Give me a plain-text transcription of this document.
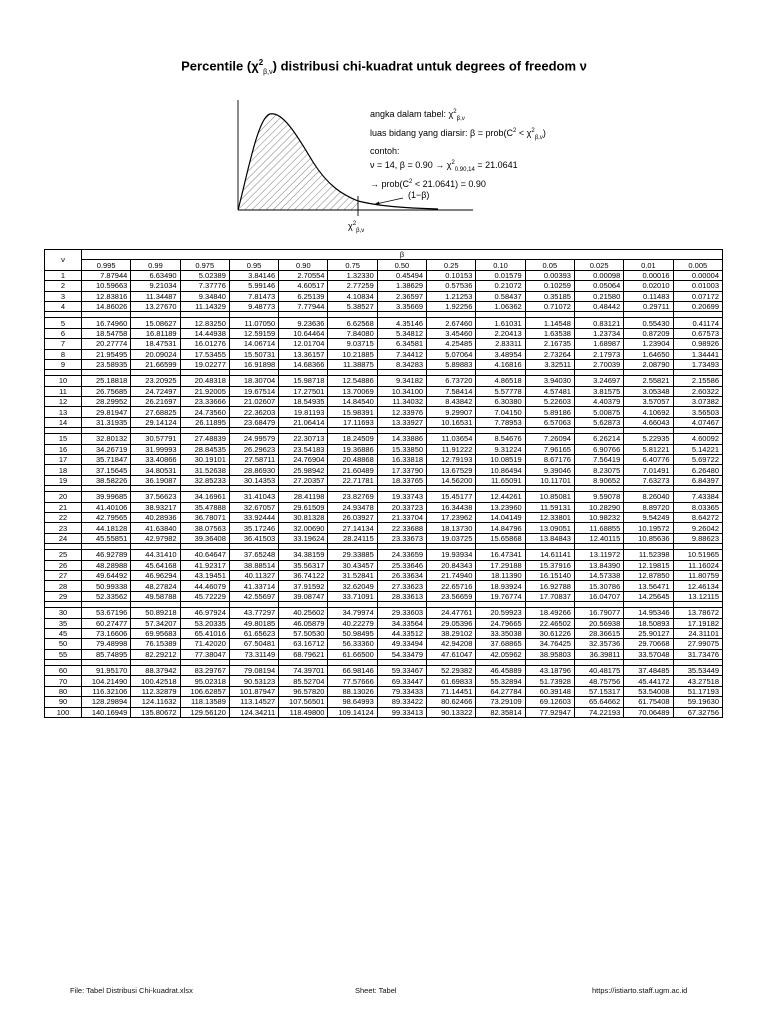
Percentile $(\chi^2_{\beta,\nu})$ distribusi chi-kuadrat untuk degrees of freedom ν
angka dalam tabel: $\chi^2_{\beta,\nu}$
luas bidang yang diarsir: $\beta = prob(C^2 < \chi^2_{\beta,\nu})$
contoh:
ν = 14, $\beta = 0.90 \to \chi^2_{0.90,14} = 21.0641$
→ $prob(C^2 < 21.0641) = 0.90$
(1−β)
$\chi^2_{\beta,\nu}$
ν	β												
	0.995	0.99	0.975	0.95	0.90	0.75	0.50	0.25	0.10	0.05	0.025	0.01	0.005
1	7.87944	6.63490	5.02389	3.84146	2.70554	1.32330	0.45494	0.10153	0.01579	0.00393	0.00098	0.00016	0.00004
2	10.59663	9.21034	7.37776	5.99146	4.60517	2.77259	1.38629	0.57536	0.21072	0.10259	0.05064	0.02010	0.01003
3	12.83816	11.34487	9.34840	7.81473	6.25139	4.10834	2.36597	1.21253	0.58437	0.35185	0.21580	0.11483	0.07172
4	14.86026	13.27670	11.14329	9.48773	7.77944	5.38527	3.35669	1.92256	1.06362	0.71072	0.48442	0.29711	0.20699

5	16.74960	15.08627	12.83250	11.07050	9.23636	6.62568	4.35146	2.67460	1.61031	1.14548	0.83121	0.55430	0.41174
6	18.54758	16.81189	14.44938	12.59159	10.64464	7.84080	5.34812	3.45460	2.20413	1.63538	1.23734	0.87209	0.67573
7	20.27774	18.47531	16.01276	14.06714	12.01704	9.03715	6.34581	4.25485	2.83311	2.16735	1.68987	1.23904	0.98926
8	21.95495	20.09024	17.53455	15.50731	13.36157	10.21885	7.34412	5.07064	3.48954	2.73264	2.17973	1.64650	1.34441
9	23.58935	21.66599	19.02277	16.91898	14.68366	11.38875	8.34283	5.89883	4.16816	3.32511	2.70039	2.08790	1.73493

10	25.18818	23.20925	20.48318	18.30704	15.98718	12.54886	9.34182	6.73720	4.86518	3.94030	3.24697	2.55821	2.15586
11	26.75685	24.72497	21.92005	19.67514	17.27501	13.70069	10.34100	7.58414	5.57778	4.57481	3.81575	3.05348	2.60322
12	28.29952	26.21697	23.33666	21.02607	18.54935	14.84540	11.34032	8.43842	6.30380	5.22603	4.40379	3.57057	3.07382
13	29.81947	27.68825	24.73560	22.36203	19.81193	15.98391	12.33976	9.29907	7.04150	5.89186	5.00875	4.10692	3.56503
14	31.31935	29.14124	26.11895	23.68479	21.06414	17.11693	13.33927	10.16531	7.78953	6.57063	5.62873	4.66043	4.07467

15	32.80132	30.57791	27.48839	24.99579	22.30713	18.24509	14.33886	11.03654	8.54676	7.26094	6.26214	5.22935	4.60092
16	34.26719	31.99993	28.84535	26.29623	23.54183	19.36886	15.33850	11.91222	9.31224	7.96165	6.90766	5.81221	5.14221
17	35.71847	33.40866	30.19101	27.58711	24.76904	20.48868	16.33818	12.79193	10.08519	8.67176	7.56419	6.40776	5.69722
18	37.15645	34.80531	31.52638	28.86930	25.98942	21.60489	17.33790	13.67529	10.86494	9.39046	8.23075	7.01491	6.26480
19	38.58226	36.19087	32.85233	30.14353	27.20357	22.71781	18.33765	14.56200	11.65091	10.11701	8.90652	7.63273	6.84397

20	39.99685	37.56623	34.16961	31.41043	28.41198	23.82769	19.33743	15.45177	12.44261	10.85081	9.59078	8.26040	7.43384
21	41.40106	38.93217	35.47888	32.67057	29.61509	24.93478	20.33723	16.34438	13.23960	11.59131	10.28290	8.89720	8.03365
22	42.79565	40.28936	36.78071	33.92444	30.81328	26.03927	21.33704	17.23962	14.04149	12.33801	10.98232	9.54249	8.64272
23	44.18128	41.63840	38.07563	35.17246	32.00690	27.14134	22.33688	18.13730	14.84796	13.09051	11.68855	10.19572	9.26042
24	45.55851	42.97982	39.36408	36.41503	33.19624	28.24115	23.33673	19.03725	15.65868	13.84843	12.40115	10.85636	9.88623

25	46.92789	44.31410	40.64647	37.65248	34.38159	29.33885	24.33659	19.93934	16.47341	14.61141	13.11972	11.52398	10.51965
26	48.28988	45.64168	41.92317	38.88514	35.56317	30.43457	25.33646	20.84343	17.29188	15.37916	13.84390	12.19815	11.16024
27	49.64492	46.96294	43.19451	40.11327	36.74122	31.52841	26.33634	21.74940	18.11390	16.15140	14.57338	12.87850	11.80759
28	50.99338	48.27824	44.46079	41.33714	37.91592	32.62049	27.33623	22.65716	18.93924	16.92788	15.30786	13.56471	12.46134
29	52.33562	49.58788	45.72229	42.55697	39.08747	33.71091	28.33613	23.56659	19.76774	17.70837	16.04707	14.25645	13.12115

30	53.67196	50.89218	46.97924	43.77297	40.25602	34.79974	29.33603	24.47761	20.59923	18.49266	16.79077	14.95346	13.78672
35	60.27477	57.34207	53.20335	49.80185	46.05879	40.22279	34.33564	29.05396	24.79665	22.46502	20.56938	18.50893	17.19182
45	73.16606	69.95683	65.41016	61.65623	57.50530	50.98495	44.33512	38.29102	33.35038	30.61226	28.36615	25.90127	24.31101
50	79.48998	76.15389	71.42020	67.50481	63.16712	56.33360	49.33494	42.94208	37.68865	34.76425	32.35736	29.70668	27.99075
55	85.74895	82.29212	77.38047	73.31149	68.79621	61.66500	54.33479	47.61047	42.05962	38.95803	36.39811	33.57048	31.73476

60	91.95170	88.37942	83.29767	79.08194	74.39701	66.98146	59.33467	52.29382	46.45889	43.18796	40.48175	37.48485	35.53449
70	104.21490	100.42518	95.02318	90.53123	85.52704	77.57666	69.33447	61.69833	55.32894	51.73928	48.75756	45.44172	43.27518
80	116.32106	112.32879	106.62857	101.87947	96.57820	88.13026	79.33433	71.14451	64.27784	60.39148	57.15317	53.54008	51.17193
90	128.29894	124.11632	118.13589	113.14527	107.56501	98.64993	89.33422	80.62466	73.29109	69.12603	65.64662	61.75408	59.19630
100	140.16949	135.80672	129.56120	124.34211	118.49800	109.14124	99.33413	90.13322	82.35814	77.92947	74.22193	70.06489	67.32756
File: Tabel Distribusi Chi-kuadrat.xlsx	Sheet: Tabel	https://istiarto.staff.ugm.ac.id
